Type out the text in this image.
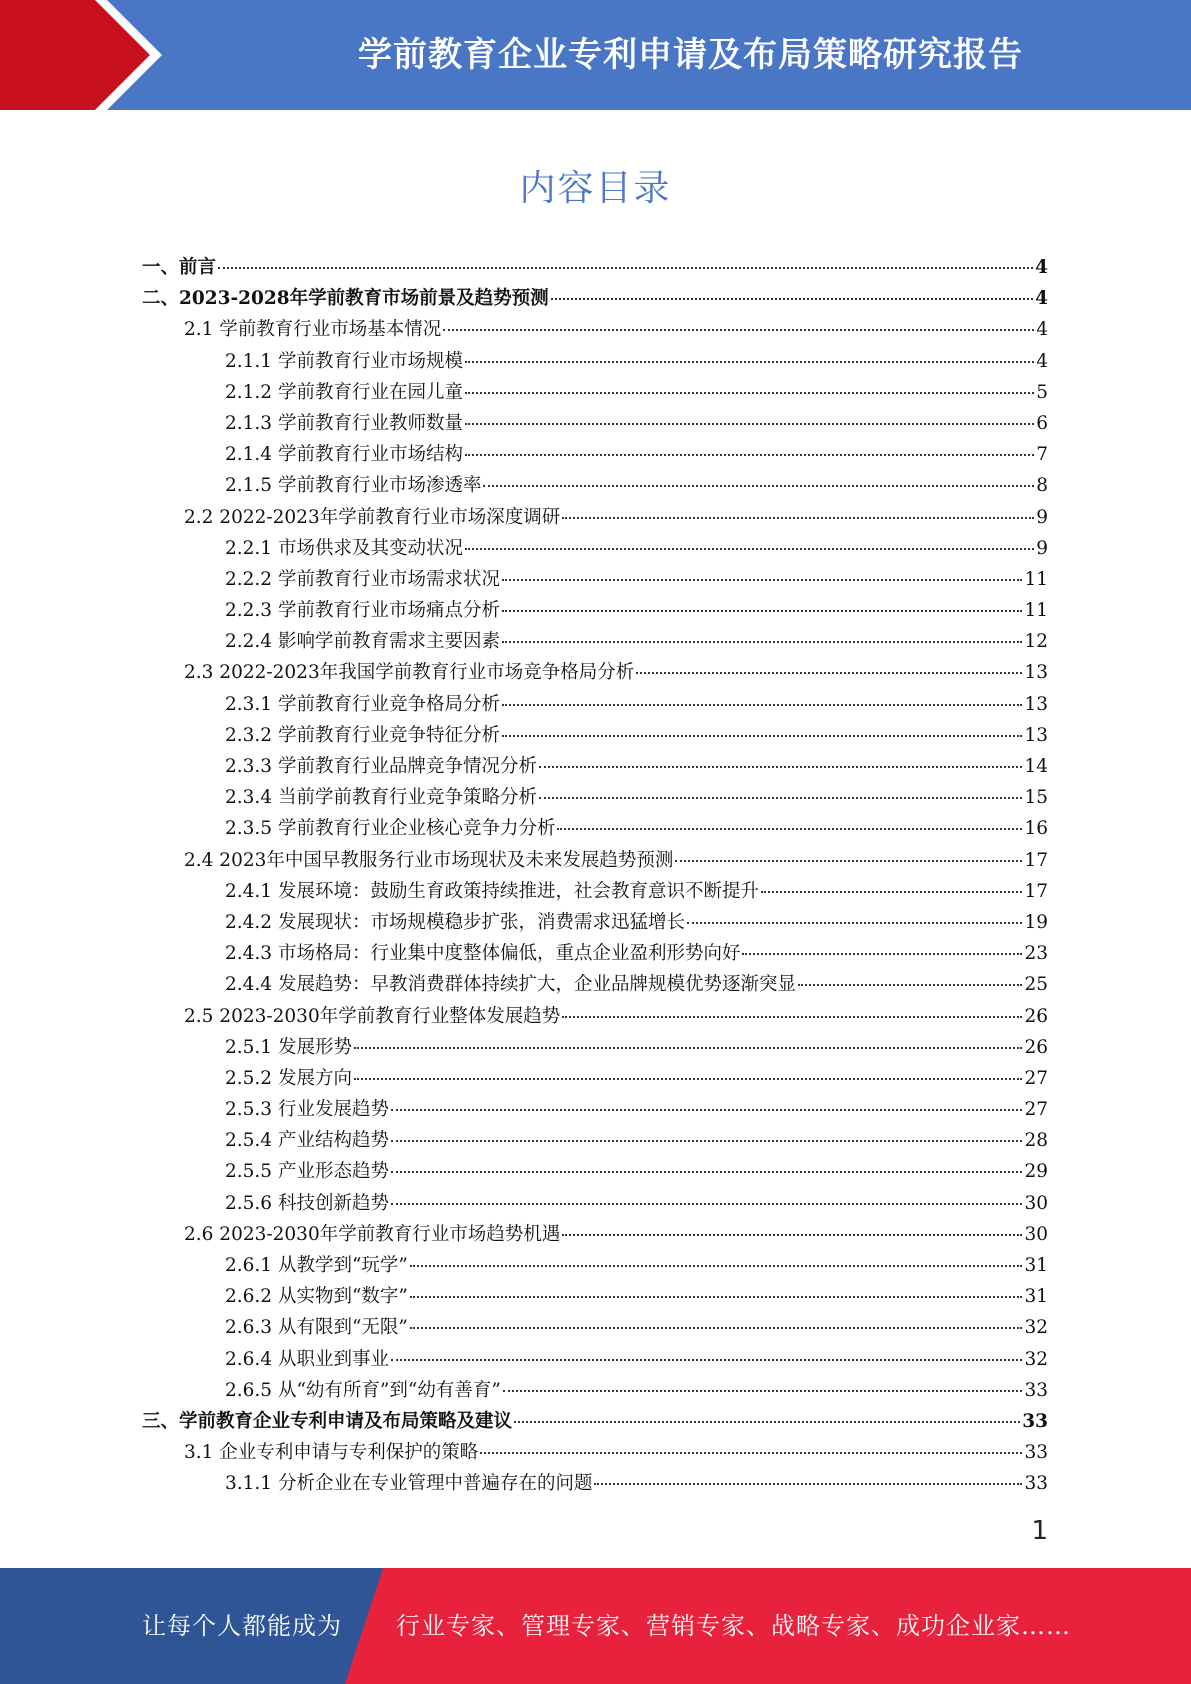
学前教育企业专利申请及布局策略研究报告
内容目录
一、前言	4
二、2023-2028年学前教育市场前景及趋势预测	4
2.1 学前教育行业市场基本情况	4
2.1.1 学前教育行业市场规模	4
2.1.2 学前教育行业在园儿童	5
2.1.3 学前教育行业教师数量	6
2.1.4 学前教育行业市场结构	7
2.1.5 学前教育行业市场渗透率	8
2.2 2022-2023年学前教育行业市场深度调研	9
2.2.1 市场供求及其变动状况	9
2.2.2 学前教育行业市场需求状况	11
2.2.3 学前教育行业市场痛点分析	11
2.2.4 影响学前教育需求主要因素	12
2.3 2022-2023年我国学前教育行业市场竞争格局分析	13
2.3.1 学前教育行业竞争格局分析	13
2.3.2 学前教育行业竞争特征分析	13
2.3.3 学前教育行业品牌竞争情况分析	14
2.3.4 当前学前教育行业竞争策略分析	15
2.3.5 学前教育行业企业核心竞争力分析	16
2.4 2023年中国早教服务行业市场现状及未来发展趋势预测	17
2.4.1 发展环境：鼓励生育政策持续推进，社会教育意识不断提升	17
2.4.2 发展现状：市场规模稳步扩张，消费需求迅猛增长	19
2.4.3 市场格局：行业集中度整体偏低，重点企业盈利形势向好	23
2.4.4 发展趋势：早教消费群体持续扩大，企业品牌规模优势逐渐突显	25
2.5 2023-2030年学前教育行业整体发展趋势	26
2.5.1 发展形势	26
2.5.2 发展方向	27
2.5.3 行业发展趋势	27
2.5.4 产业结构趋势	28
2.5.5 产业形态趋势	29
2.5.6 科技创新趋势	30
2.6 2023-2030年学前教育行业市场趋势机遇	30
2.6.1 从教学到“玩学”	31
2.6.2 从实物到“数字”	31
2.6.3 从有限到“无限”	32
2.6.4 从职业到事业	32
2.6.5 从“幼有所育”到“幼有善育”	33
三、学前教育企业专利申请及布局策略及建议	33
3.1 企业专利申请与专利保护的策略	33
3.1.1 分析企业在专业管理中普遍存在的问题	33
1
让每个人都能成为 行业专家、管理专家、营销专家、战略专家、成功企业家……
